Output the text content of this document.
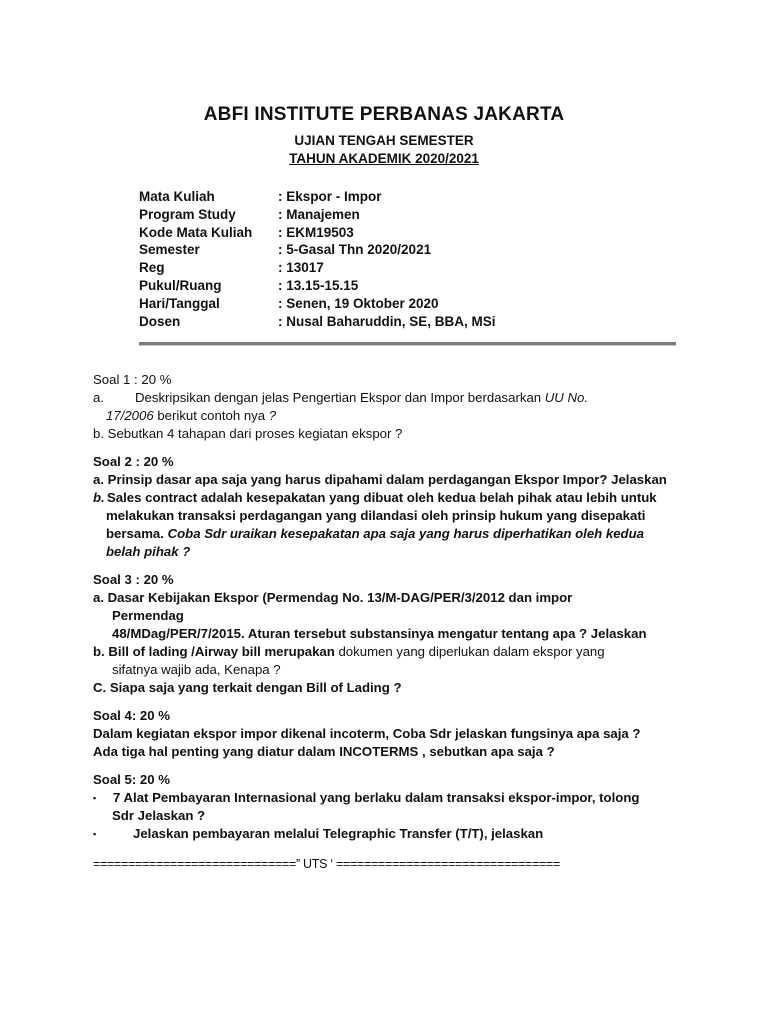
ABFI INSTITUTE PERBANAS JAKARTA
UJIAN TENGAH SEMESTER
TAHUN AKADEMIK 2020/2021
Mata Kuliah	: Ekspor - Impor
Program Study	: Manajemen
Kode Mata Kuliah : EKM19503
Semester	: 5-Gasal Thn 2020/2021
Reg	: 13017
Pukul/Ruang	: 13.15-15.15
Hari/Tanggal	: Senen, 19 Oktober 2020
Dosen	: Nusal Baharuddin, SE, BBA, MSi
Soal 1 : 20 %
a. Deskripsikan dengan jelas Pengertian Ekspor dan Impor berdasarkan UU No.
17/2006 berikut contoh nya ?
b. Sebutkan 4 tahapan dari proses kegiatan ekspor ?
Soal 2 : 20 %
a. Prinsip dasar apa saja yang harus dipahami dalam perdagangan Ekspor Impor? Jelaskan
b. Sales contract adalah kesepakatan yang dibuat oleh kedua belah pihak atau lebih untuk
melakukan transaksi perdagangan yang dilandasi oleh prinsip hukum yang disepakati
bersama. Coba Sdr uraikan kesepakatan apa saja yang harus diperhatikan oleh kedua
belah pihak ?
Soal 3 : 20 %
a. Dasar Kebijakan Ekspor (Permendag No. 13/M-DAG/PER/3/2012 dan impor
Permendag
48/MDag/PER/7/2015. Aturan tersebut substansinya mengatur tentang apa ? Jelaskan
b. Bill of lading /Airway bill merupakan dokumen yang diperlukan dalam ekspor yang
sifatnya wajib ada, Kenapa ?
C. Siapa saja yang terkait dengan Bill of Lading ?
Soal 4: 20 %
Dalam kegiatan ekspor impor dikenal incoterm, Coba Sdr jelaskan fungsinya apa saja ?
Ada tiga hal penting yang diatur dalam INCOTERMS , sebutkan apa saja ?
Soal 5: 20 %
▪ 7 Alat Pembayaran Internasional yang berlaku dalam transaksi ekspor-impor, tolong
Sdr Jelaskan ?
▪	Jelaskan pembayaran melalui Telegraphic Transfer (T/T), jelaskan
=============================” UTS ‘ ================================
